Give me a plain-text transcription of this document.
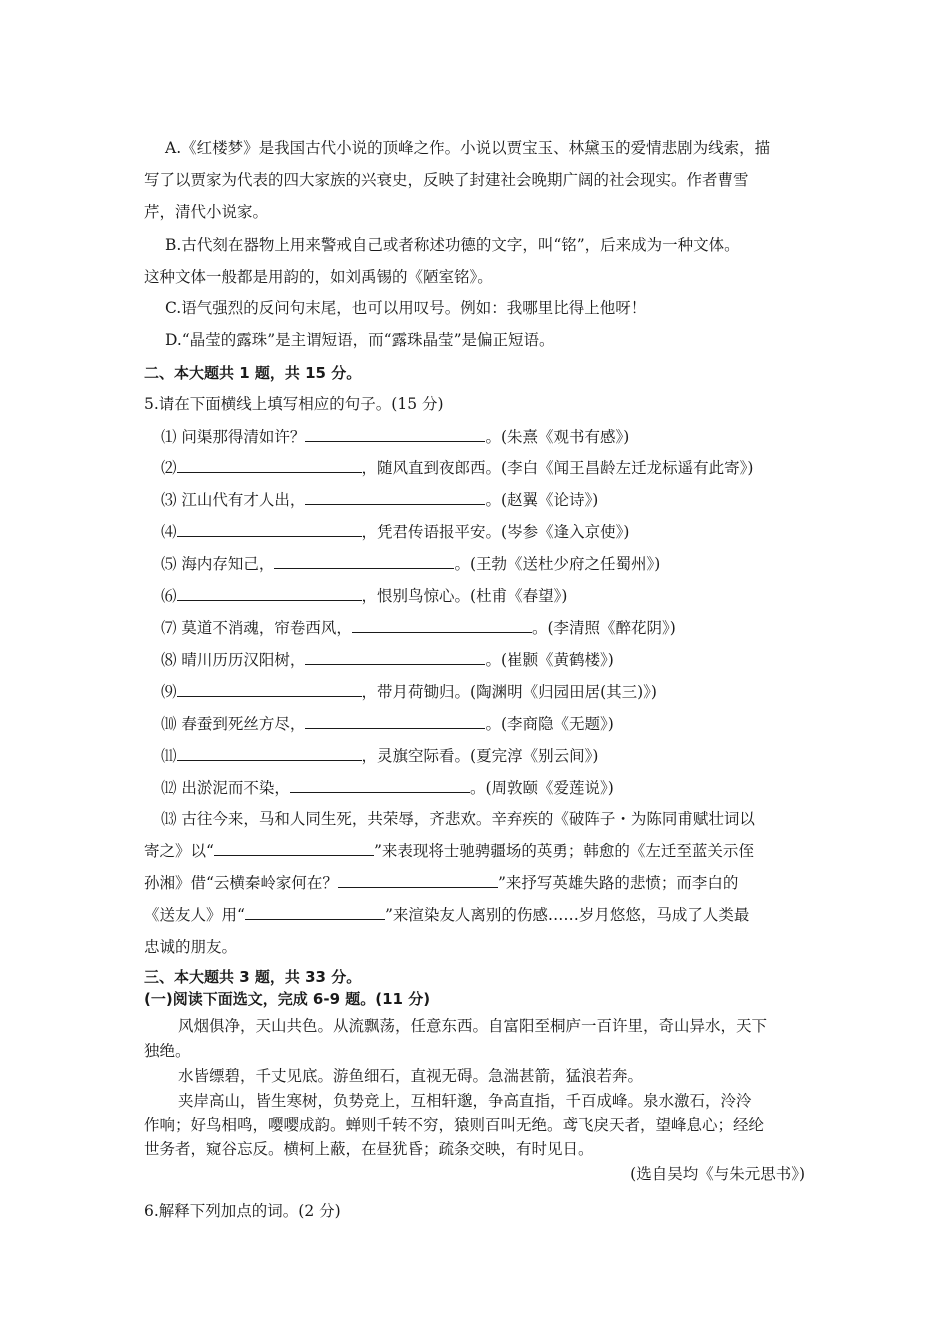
A.《红楼梦》是我国古代小说的顶峰之作。小说以贾宝玉、林黛玉的爱情悲剧为线索，描
写了以贾家为代表的四大家族的兴衰史，反映了封建社会晚期广阔的社会现实。作者曹雪
芹，清代小说家。
B.古代刻在器物上用来警戒自己或者称述功德的文字，叫“铭”，后来成为一种文体。
这种文体一般都是用韵的，如刘禹锡的《陋室铭》。
C.语气强烈的反问句末尾，也可以用叹号。例如：我哪里比得上他呀！
D.“晶莹的露珠”是主谓短语，而“露珠晶莹”是偏正短语。
二、本大题共 1 题，共 15 分。
5.请在下面横线上填写相应的句子。(15 分)
⑴ 问渠那得清如许？	。(朱熹《观书有感》)
⑵	，随风直到夜郎西。(李白《闻王昌龄左迁龙标遥有此寄》)
⑶ 江山代有才人出，	。(赵翼《论诗》)
⑷	，凭君传语报平安。(岑参《逢入京使》)
⑸ 海内存知己，	。(王勃《送杜少府之任蜀州》)
⑹	，恨别鸟惊心。(杜甫《春望》)
⑺ 莫道不消魂，帘卷西风，	。(李清照《醉花阴》)
⑻ 晴川历历汉阳树，	。(崔颢《黄鹤楼》)
⑼	，带月荷锄归。(陶渊明《归园田居(其三)》)
⑽ 春蚕到死丝方尽，	。(李商隐《无题》)
⑾	，灵旗空际看。(夏完淳《别云间》)
⑿ 出淤泥而不染，	。(周敦颐《爱莲说》)
⒀ 古往今来，马和人同生死，共荣辱，齐悲欢。辛弃疾的《破阵子・为陈同甫赋壮词以
寄之》以“	”来表现将士驰骋疆场的英勇；韩愈的《左迁至蓝关示侄
孙湘》借“云横秦岭家何在？	”来抒写英雄失路的悲愤；而李白的
《送友人》用“	”来渲染友人离别的伤感……岁月悠悠，马成了人类最
忠诚的朋友。
三、本大题共 3 题，共 33 分。
(一)阅读下面选文，完成 6-9 题。(11 分)
风烟俱净，天山共色。从流飘荡，任意东西。自富阳至桐庐一百许里，奇山异水，天下
独绝。
水皆缥碧，千丈见底。游鱼细石，直视无碍。急湍甚箭，猛浪若奔。
夹岸高山，皆生寒树，负势竞上，互相轩邈，争高直指，千百成峰。泉水激石，泠泠
作响；好鸟相鸣，嘤嘤成韵。蝉则千转不穷，猿则百叫无绝。鸢飞戾天者，望峰息心；经纶
世务者，窥谷忘反。横柯上蔽，在昼犹昏；疏条交映，有时见日。
(选自吴均《与朱元思书》)
6.解释下列加点的词。(2 分)
